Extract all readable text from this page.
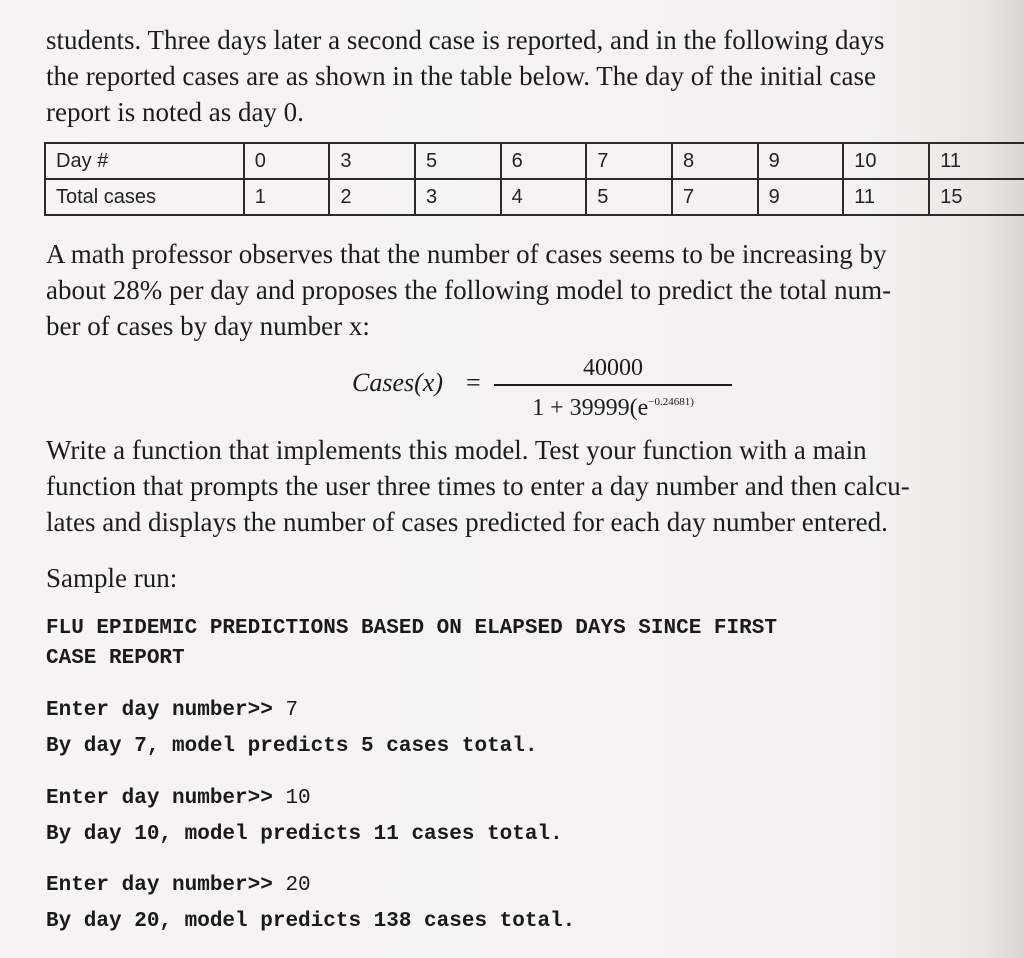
students. Three days later a second case is reported, and in the following days
the reported cases are as shown in the table below. The day of the initial case
report is noted as day 0.
Day #	0	3	5	6	7	8	9	10	11
Total cases	1	2	3	4	5	7	9	11	15
A math professor observes that the number of cases seems to be increasing by
about 28% per day and proposes the following model to predict the total num-
ber of cases by day number x:
Cases(x) =	40000
$1 + 39999(e^{-0.24681)}$
Write a function that implements this model. Test your function with a main
function that prompts the user three times to enter a day number and then calcu-
lates and displays the number of cases predicted for each day number entered.
Sample run:
FLU EPIDEMIC PREDICTIONS BASED ON ELAPSED DAYS SINCE FIRST
CASE REPORT
Enter day number>> 7
By day 7, model predicts 5 cases total.
Enter day number>> 10
By day 10, model predicts 11 cases total.
Enter day number>> 20
By day 20, model predicts 138 cases total.
